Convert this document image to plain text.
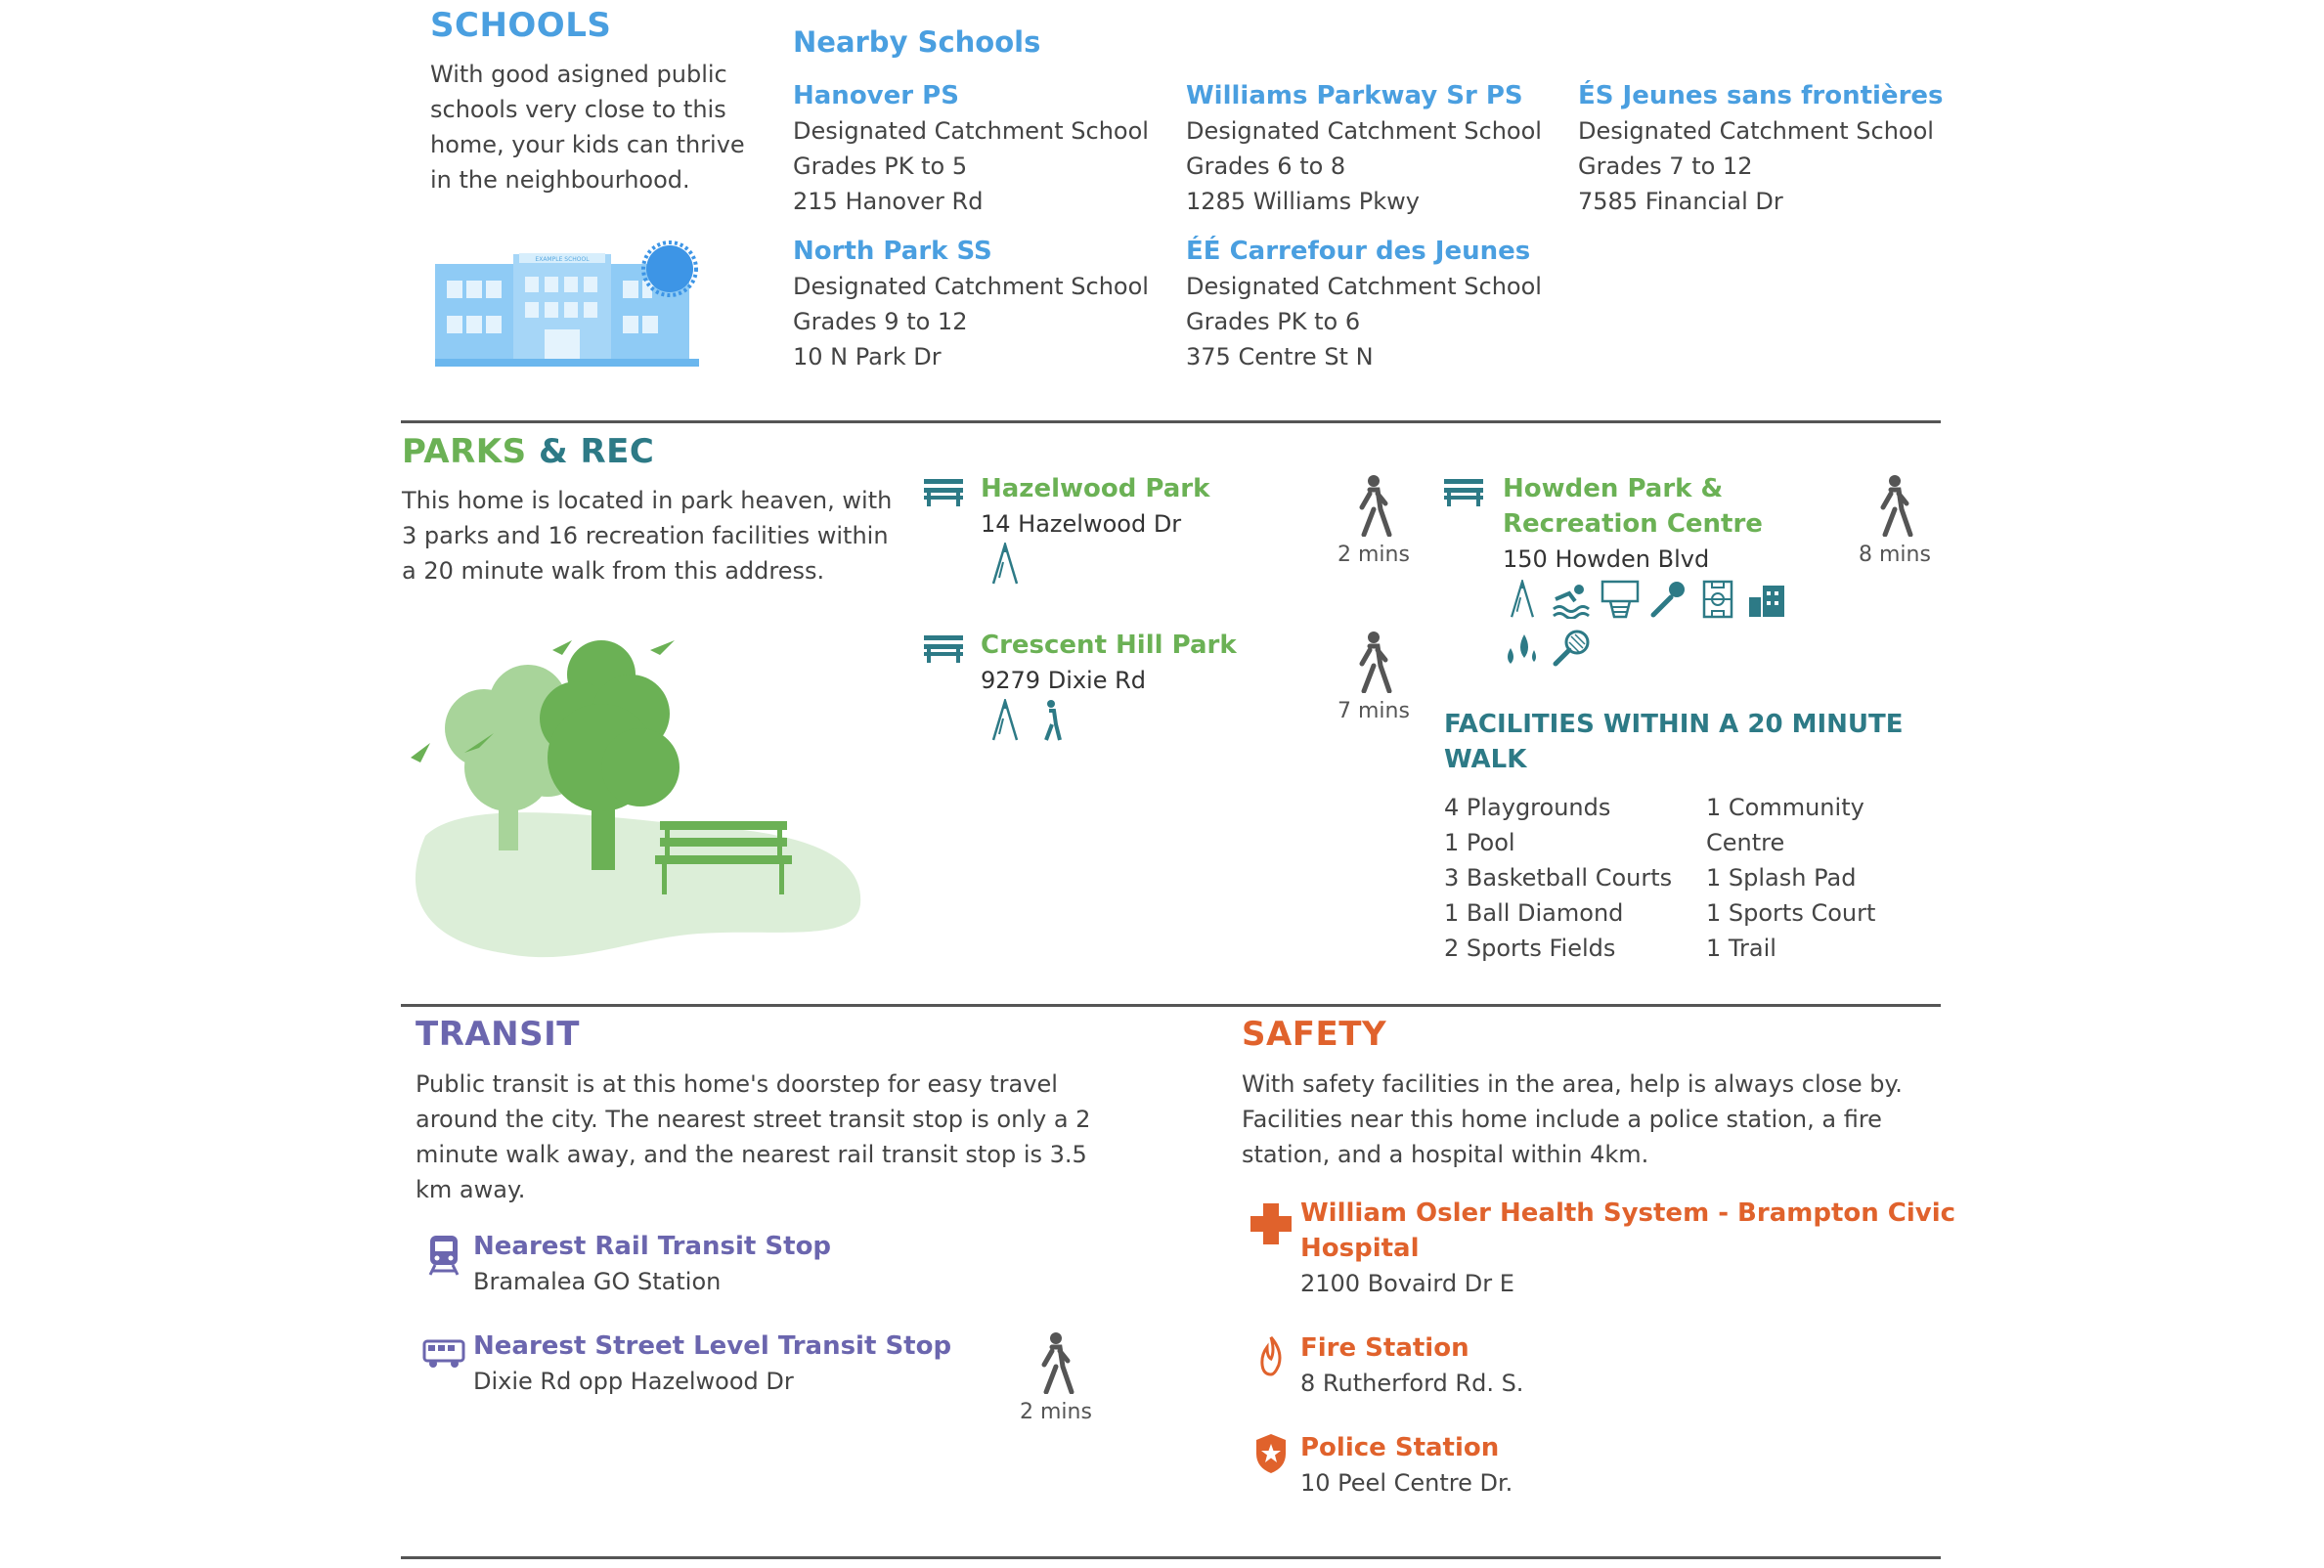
SCHOOLS
With good asigned public schools very close to this home, your kids can thrive in the neighbourhood.
EXAMPLE SCHOOL
Nearby Schools
Hanover PS
Designated Catchment School
Grades PK to 5
215 Hanover Rd
Williams Parkway Sr PS
Designated Catchment School
Grades 6 to 8
1285 Williams Pkwy
ÉS Jeunes sans frontières
Designated Catchment School
Grades 7 to 12
7585 Financial Dr
North Park SS
Designated Catchment School
Grades 9 to 12
10 N Park Dr
ÉÉ Carrefour des Jeunes
Designated Catchment School
Grades PK to 6
375 Centre St N
PARKS & REC
This home is located in park heaven, with 3 parks and 16 recreation facilities within a 20 minute walk from this address.
Hazelwood Park
14 Hazelwood Dr
Crescent Hill Park
9279 Dixie Rd
Howden Park &
Recreation Centre
150 Howden Blvd
2 mins
7 mins
8 mins
FACILITIES WITHIN A 20 MINUTE
WALK
4 Playgrounds
1 Pool
3 Basketball Courts
1 Ball Diamond
2 Sports Fields
1 Community
Centre
1 Splash Pad
1 Sports Court
1 Trail
TRANSIT
Public transit is at this home's doorstep for easy travel around the city. The nearest street transit stop is only a 2 minute walk away, and the nearest rail transit stop is 3.5 km away.
Nearest Rail Transit Stop
Bramalea GO Station
Nearest Street Level Transit Stop
Dixie Rd opp Hazelwood Dr
2 mins
SAFETY
With safety facilities in the area, help is always close by. Facilities near this home include a police station, a fire station, and a hospital within 4km.
William Osler Health System - Brampton Civic
Hospital
2100 Bovaird Dr E
Fire Station
8 Rutherford Rd. S.
Police Station
10 Peel Centre Dr.
